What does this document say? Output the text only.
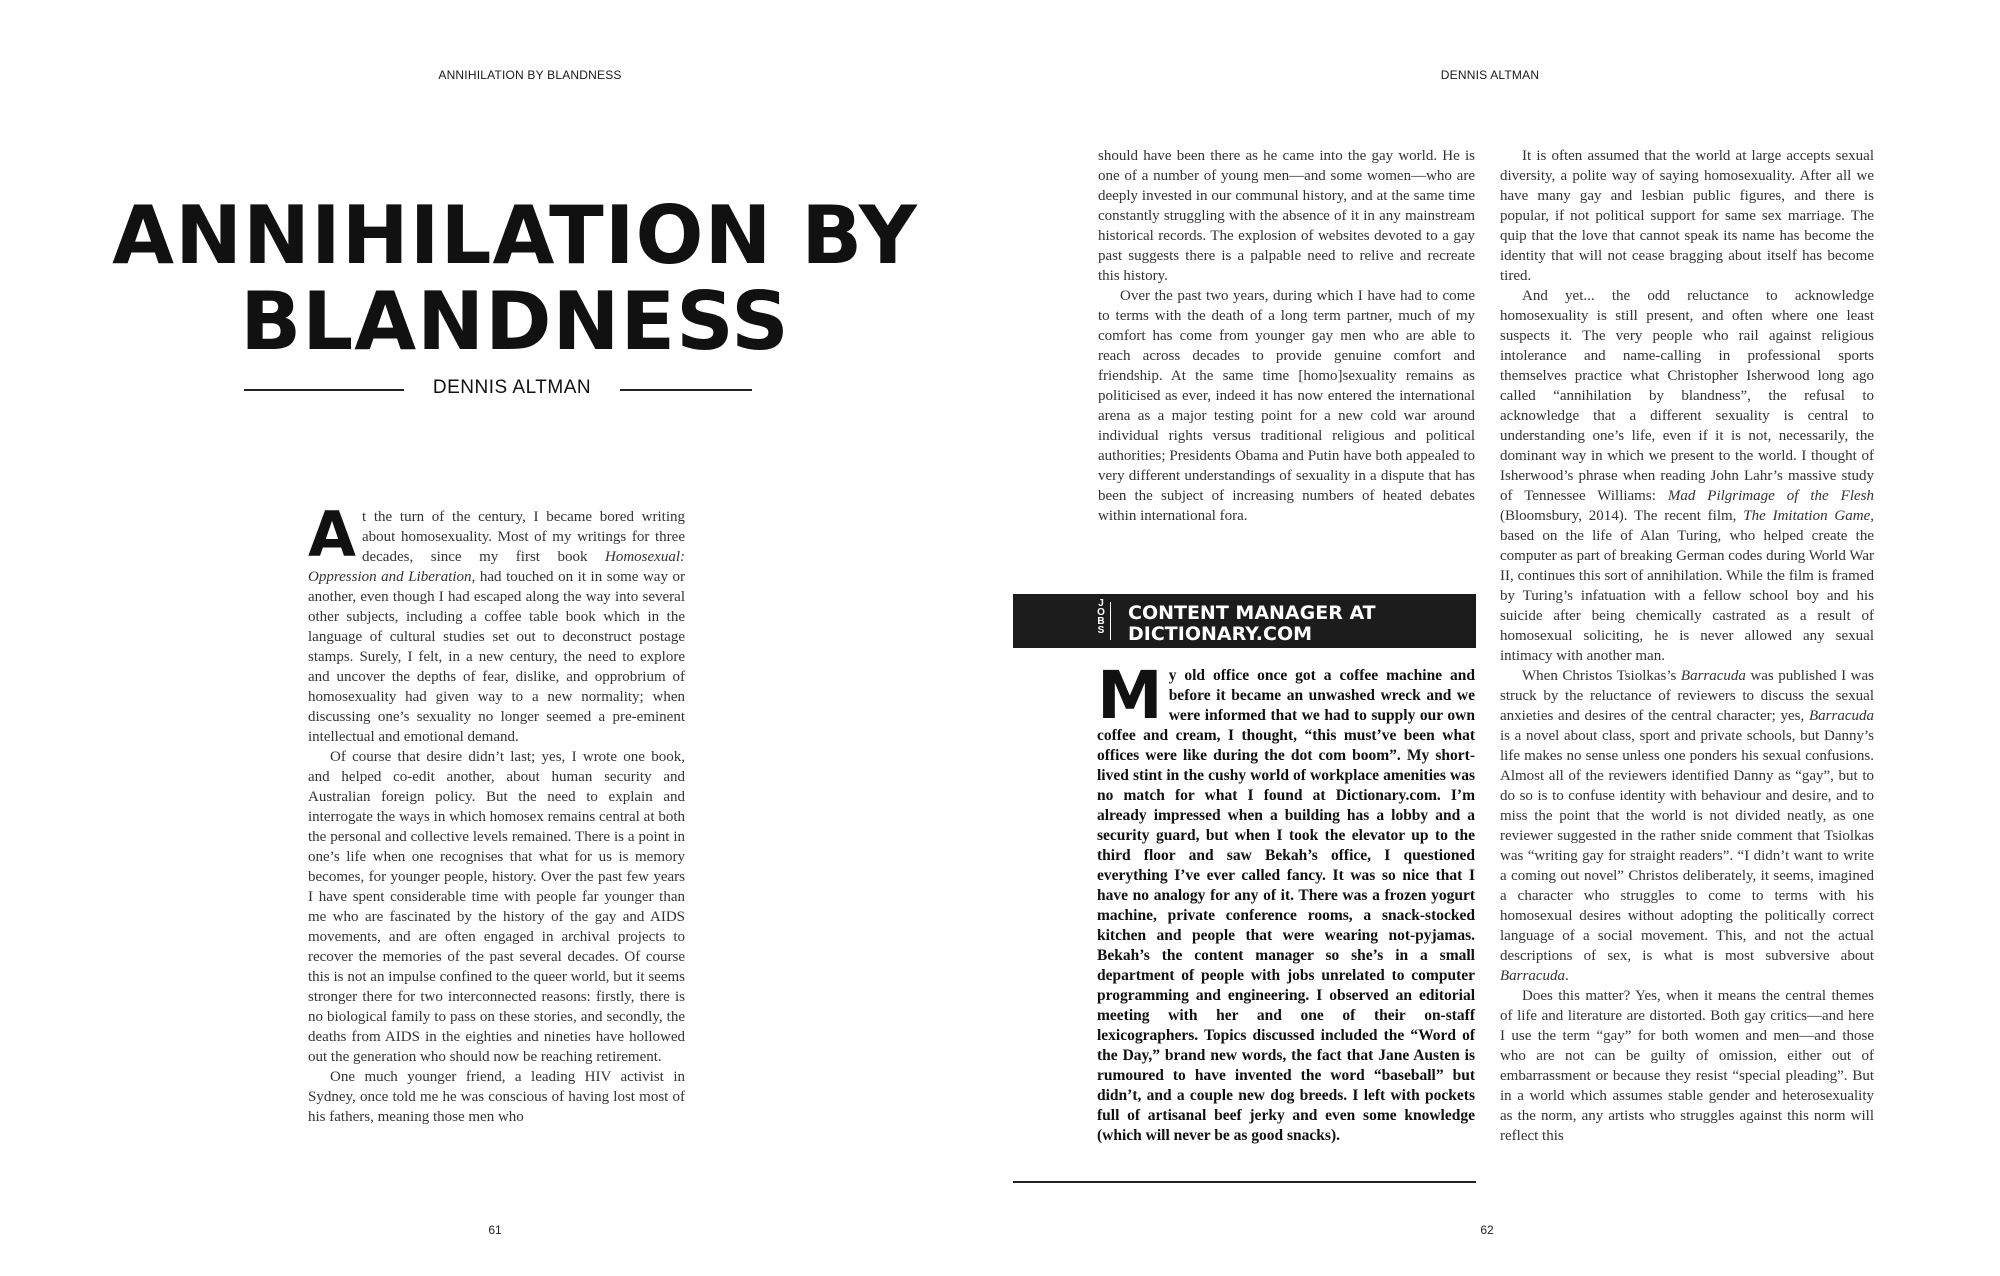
ANNIHILATION BY BLANDNESS
ANNIHILATION BY
BLANDNESS
DENNIS ALTMAN

At the turn of the century, I became bored writing about homosexuality. Most of my writings for three decades, since my first book Homosexual: Oppression and Liberation, had touched on it in some way or another, even though I had escaped along the way into several other subjects, including a coffee table book which in the language of cultural studies set out to deconstruct postage stamps. Surely, I felt, in a new century, the need to explore and uncover the depths of fear, dislike, and opprobrium of homosexuality had given way to a new normality; when discussing one’s sexuality no longer seemed a pre-eminent intellectual and emotional demand.

Of course that desire didn’t last; yes, I wrote one book, and helped co-edit another, about human security and Australian foreign policy. But the need to explain and interrogate the ways in which homosex remains central at both the personal and collective levels remained. There is a point in one’s life when one recognises that what for us is memory becomes, for younger people, history. Over the past few years I have spent considerable time with people far younger than me who are fascinated by the history of the gay and AIDS movements, and are often engaged in archival projects to recover the memories of the past several decades. Of course this is not an impulse confined to the queer world, but it seems stronger there for two interconnected reasons: firstly, there is no biological family to pass on these stories, and secondly, the deaths from AIDS in the eighties and nineties have hollowed out the generation who should now be reaching retirement.

One much younger friend, a leading HIV activist in Sydney, once told me he was conscious of having lost most of his fathers, meaning those men who

61
DENNIS ALTMAN

should have been there as he came into the gay world. He is one of a number of young men—and some women—who are deeply invested in our communal history, and at the same time constantly struggling with the absence of it in any mainstream historical records. The explosion of websites devoted to a gay past suggests there is a palpable need to relive and recreate this history.

Over the past two years, during which I have had to come to terms with the death of a long term partner, much of my comfort has come from younger gay men who are able to reach across decades to provide genuine comfort and friendship. At the same time [homo]sexuality remains as politicised as ever, indeed it has now entered the international arena as a major testing point for a new cold war around individual rights versus traditional religious and political authorities; Presidents Obama and Putin have both appealed to very different understandings of sexuality in a dispute that has been the subject of increasing numbers of heated debates within international fora.

J
O
B
S
CONTENT MANAGER AT
DICTIONARY.COM

My old office once got a coffee machine and before it became an unwashed wreck and we were informed that we had to supply our own coffee and cream, I thought, “this must’ve been what offices were like during the dot com boom”. My short-lived stint in the cushy world of workplace amenities was no match for what I found at Dictionary.com. I’m already impressed when a building has a lobby and a security guard, but when I took the elevator up to the third floor and saw Bekah’s office, I questioned everything I’ve ever called fancy. It was so nice that I have no analogy for any of it. There was a frozen yogurt machine, private conference rooms, a snack-stocked kitchen and people that were wearing not-pyjamas. Bekah’s the content manager so she’s in a small department of people with jobs unrelated to computer programming and engineering. I observed an editorial meeting with her and one of their on-staff lexicographers. Topics discussed included the “Word of the Day,” brand new words, the fact that Jane Austen is rumoured to have invented the word “baseball” but didn’t, and a couple new dog breeds. I left with pockets full of artisanal beef jerky and even some knowledge (which will never be as good snacks).

It is often assumed that the world at large accepts sexual diversity, a polite way of saying homosexuality. After all we have many gay and lesbian public figures, and there is popular, if not political support for same sex marriage. The quip that the love that cannot speak its name has become the identity that will not cease bragging about itself has become tired.

And yet... the odd reluctance to acknowledge homosexuality is still present, and often where one least suspects it. The very people who rail against religious intolerance and name-calling in professional sports themselves practice what Christopher Isherwood long ago called “annihilation by blandness”, the refusal to acknowledge that a different sexuality is central to understanding one’s life, even if it is not, necessarily, the dominant way in which we present to the world. I thought of Isherwood’s phrase when reading John Lahr’s massive study of Tennessee Williams: Mad Pilgrimage of the Flesh (Bloomsbury, 2014). The recent film, The Imitation Game, based on the life of Alan Turing, who helped create the computer as part of breaking German codes during World War II, continues this sort of annihilation. While the film is framed by Turing’s infatuation with a fellow school boy and his suicide after being chemically castrated as a result of homosexual soliciting, he is never allowed any sexual intimacy with another man.

When Christos Tsiolkas’s Barracuda was published I was struck by the reluctance of reviewers to discuss the sexual anxieties and desires of the central character; yes, Barracuda is a novel about class, sport and private schools, but Danny’s life makes no sense unless one ponders his sexual confusions. Almost all of the reviewers identified Danny as “gay”, but to do so is to confuse identity with behaviour and desire, and to miss the point that the world is not divided neatly, as one reviewer suggested in the rather snide comment that Tsiolkas was “writing gay for straight readers”. “I didn’t want to write a coming out novel” Christos deliberately, it seems, imagined a character who struggles to come to terms with his homosexual desires without adopting the politically correct language of a social movement. This, and not the actual descriptions of sex, is what is most subversive about Barracuda.

Does this matter? Yes, when it means the central themes of life and literature are distorted. Both gay critics—and here I use the term “gay” for both women and men—and those who are not can be guilty of omission, either out of embarrassment or because they resist “special pleading”. But in a world which assumes stable gender and heterosexuality as the norm, any artists who struggles against this norm will reflect this

62
